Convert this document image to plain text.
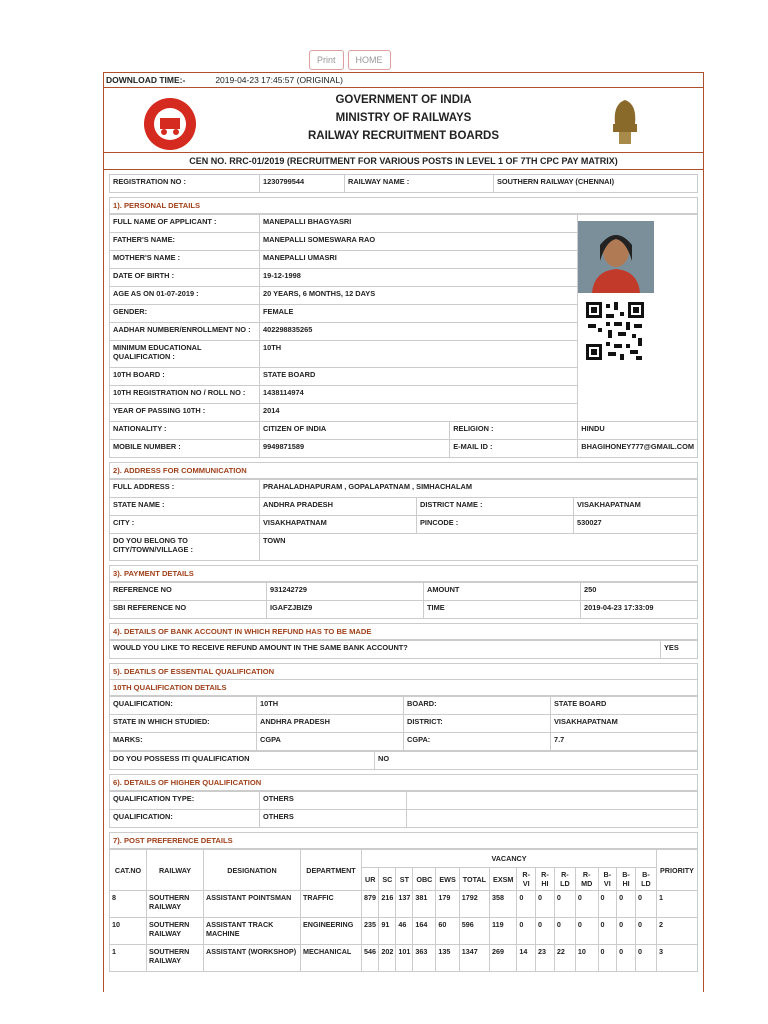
Print	HOME
DOWNLOAD TIME:-	2019-04-23 17:45:57 (ORIGINAL)
GOVERNMENT OF INDIA
MINISTRY OF RAILWAYS
RAILWAY RECRUITMENT BOARDS
CEN NO. RRC-01/2019 (RECRUITMENT FOR VARIOUS POSTS IN LEVEL 1 OF 7TH CPC PAY MATRIX)
REGISTRATION NO :	1230799544	RAILWAY NAME :	SOUTHERN RAILWAY (CHENNAI)
1). PERSONAL DETAILS
FULL NAME OF APPLICANT :	MANEPALLI BHAGYASRI		
FATHER'S NAME:	MANEPALLI SOMESWARA RAO		
MOTHER'S NAME :	MANEPALLI UMASRI		
DATE OF BIRTH :	19-12-1998		
AGE AS ON 01-07-2019 :	20 YEARS, 6 MONTHS, 12 DAYS		
GENDER:	FEMALE		
AADHAR NUMBER/ENROLLMENT NO :	402298835265		
MINIMUM EDUCATIONAL QUALIFICATION :	10TH		
10TH BOARD :	STATE BOARD		
10TH REGISTRATION NO / ROLL NO :	1438114974		
YEAR OF PASSING 10TH :	2014		
NATIONALITY :	CITIZEN OF INDIA	RELIGION :	HINDU
MOBILE NUMBER :	9949871589	E-MAIL ID :	BHAGIHONEY777@GMAIL.COM
2). ADDRESS FOR COMMUNICATION
FULL ADDRESS :	PRAHALADHAPURAM , GOPALAPATNAM , SIMHACHALAM		
STATE NAME :	ANDHRA PRADESH	DISTRICT NAME :	VISAKHAPATNAM
CITY :	VISAKHAPATNAM	PINCODE :	530027
DO YOU BELONG TO CITY/TOWN/VILLAGE :	TOWN		
3). PAYMENT DETAILS
REFERENCE NO	931242729	AMOUNT	250
SBI REFERENCE NO	IGAFZJBIZ9	TIME	2019-04-23 17:33:09
4). DETAILS OF BANK ACCOUNT IN WHICH REFUND HAS TO BE MADE
WOULD YOU LIKE TO RECEIVE REFUND AMOUNT IN THE SAME BANK ACCOUNT?	YES
5). DEATILS OF ESSENTIAL QUALIFICATION
10TH QUALIFICATION DETAILS
QUALIFICATION:	10TH	BOARD:	STATE BOARD
STATE IN WHICH STUDIED:	ANDHRA PRADESH	DISTRICT:	VISAKHAPATNAM
MARKS:	CGPA	CGPA:	7.7
DO YOU POSSESS ITI QUALIFICATION	NO
6). DETAILS OF HIGHER QUALIFICATION
QUALIFICATION TYPE:	OTHERS	
QUALIFICATION:	OTHERS	
7). POST PREFERENCE DETAILS
CAT.NO	RAILWAY	DESIGNATION	DEPARTMENT	VACANCY														PRIORITY
				UR	SC	ST	OBC	EWS	TOTAL	EXSM	R-VI	R-HI	R-LD	R-MD	B-VI	B-HI	B-LD	
8	SOUTHERN RAILWAY	ASSISTANT POINTSMAN	TRAFFIC	879	216	137	381	179	1792	358	0	0	0	0	0	0	0	1
10	SOUTHERN RAILWAY	ASSISTANT TRACK MACHINE	ENGINEERING	235	91	46	164	60	596	119	0	0	0	0	0	0	0	2
1	SOUTHERN RAILWAY	ASSISTANT (WORKSHOP)	MECHANICAL	546	202	101	363	135	1347	269	14	23	22	10	0	0	0	3
